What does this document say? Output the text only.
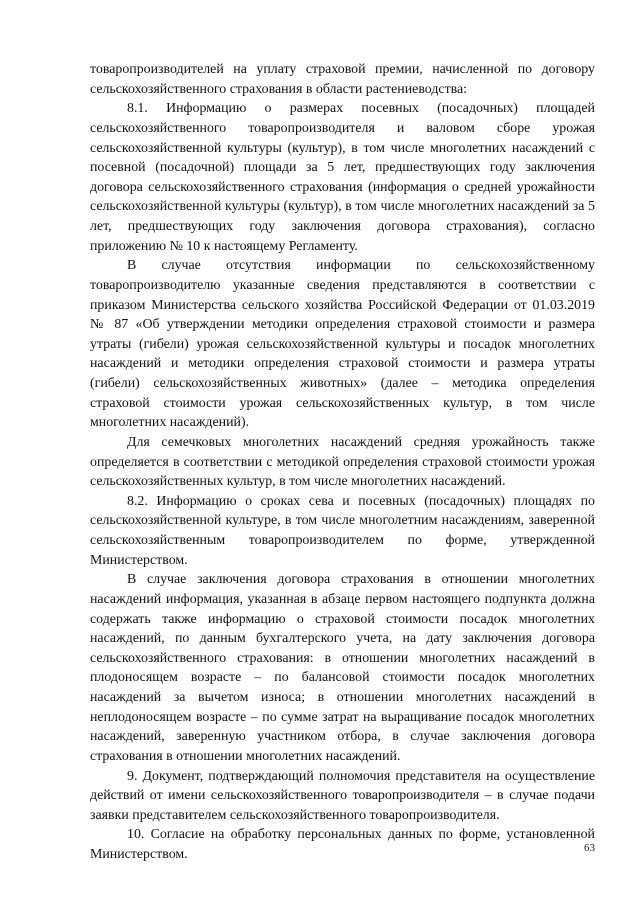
товаропроизводителей на уплату страховой премии, начисленной по договору сельскохозяйственного страхования в области растениеводства:

8.1. Информацию о размерах посевных (посадочных) площадей сельскохозяйственного товаропроизводителя и валовом сборе урожая сельскохозяйственной культуры (культур), в том числе многолетних насаждений с посевной (посадочной) площади за 5 лет, предшествующих году заключения договора сельскохозяйственного страхования (информация о средней урожайности сельскохозяйственной культуры (культур), в том числе многолетних насаждений за 5 лет, предшествующих году заключения договора страхования), согласно приложению № 10 к настоящему Регламенту.

В случае отсутствия информации по сельскохозяйственному товаропроизводителю указанные сведения представляются в соответствии с приказом Министерства сельского хозяйства Российской Федерации от 01.03.2019 № 87 «Об утверждении методики определения страховой стоимости и размера утраты (гибели) урожая сельскохозяйственной культуры и посадок многолетних насаждений и методики определения страховой стоимости и размера утраты (гибели) сельскохозяйственных животных» (далее – методика определения страховой стоимости урожая сельскохозяйственных культур, в том числе многолетних насаждений).

Для семечковых многолетних насаждений средняя урожайность также определяется в соответствии с методикой определения страховой стоимости урожая сельскохозяйственных культур, в том числе многолетних насаждений.

8.2. Информацию о сроках сева и посевных (посадочных) площадях по сельскохозяйственной культуре, в том числе многолетним насаждениям, заверенной сельскохозяйственным товаропроизводителем по форме, утвержденной Министерством.

В случае заключения договора страхования в отношении многолетних насаждений информация, указанная в абзаце первом настоящего подпункта должна содержать также информацию о страховой стоимости посадок многолетних насаждений, по данным бухгалтерского учета, на дату заключения договора сельскохозяйственного страхования: в отношении многолетних насаждений в плодоносящем возрасте – по балансовой стоимости посадок многолетних насаждений за вычетом износа; в отношении многолетних насаждений в неплодоносящем возрасте – по сумме затрат на выращивание посадок многолетних насаждений, заверенную участником отбора, в случае заключения договора страхования в отношении многолетних насаждений.

9. Документ, подтверждающий полномочия представителя на осуществление действий от имени сельскохозяйственного товаропроизводителя – в случае подачи заявки представителем сельскохозяйственного товаропроизводителя.

10. Согласие на обработку персональных данных по форме, установленной Министерством.	63
